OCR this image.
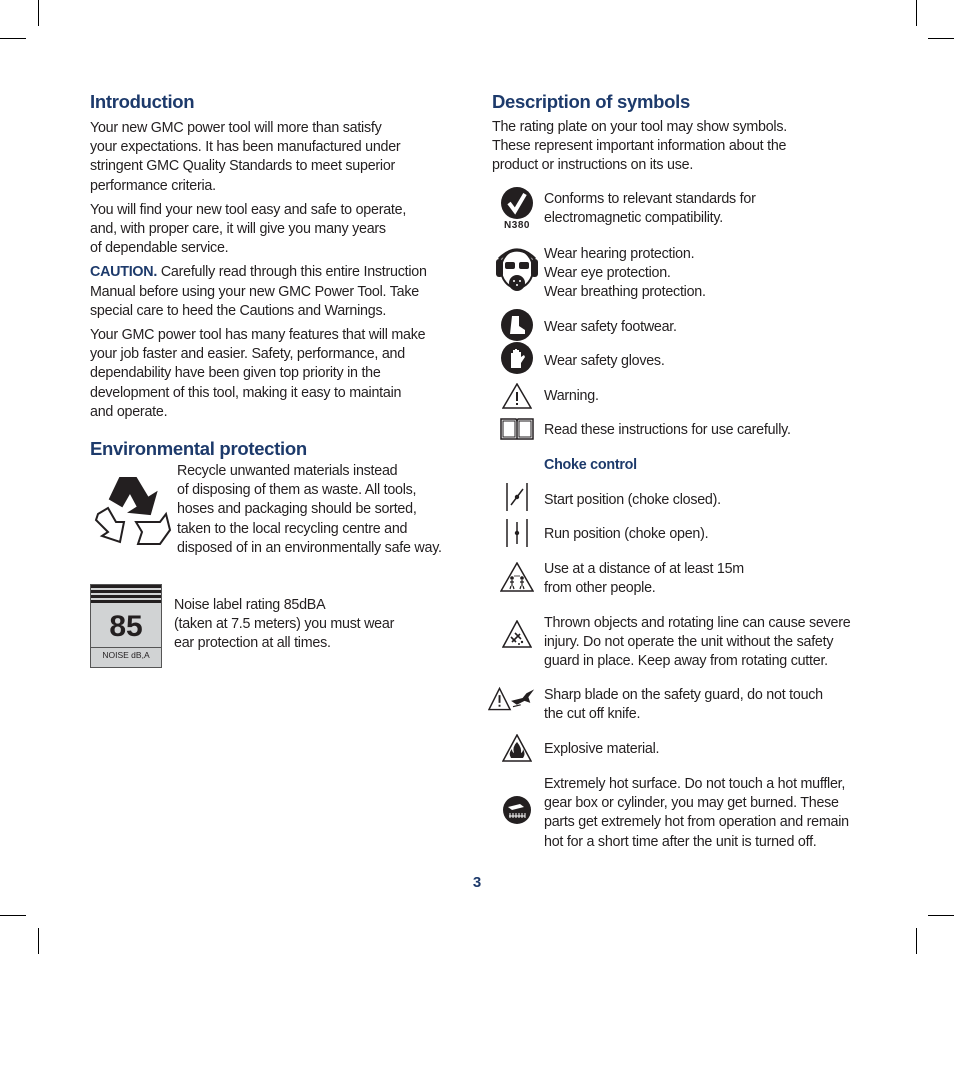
Introduction

Your new GMC power tool will more than satisfy
your expectations. It has been manufactured under
stringent GMC Quality Standards to meet superior
performance criteria.

You will find your new tool easy and safe to operate,
and, with proper care, it will give you many years
of dependable service.

CAUTION. Carefully read through this entire Instruction
Manual before using your new GMC Power Tool. Take
special care to heed the Cautions and Warnings.

Your GMC power tool has many features that will make
your job faster and easier. Safety, performance, and
dependability have been given top priority in the
development of this tool, making it easy to maintain
and operate.

Environmental protection

Recycle unwanted materials instead
of disposing of them as waste. All tools,
hoses and packaging should be sorted,
taken to the local recycling centre and
disposed of in an environmentally safe way.

85
NOISE dB,A

Noise label rating 85dBA
(taken at 7.5 meters) you must wear
ear protection at all times.

Description of symbols

The rating plate on your tool may show symbols.
These represent important information about the
product or instructions on its use.

N380
Conforms to relevant standards for
electromagnetic compatibility.
Wear hearing protection.
Wear eye protection.
Wear breathing protection.
Wear safety footwear.
Wear safety gloves.
Warning.
Read these instructions for use carefully.
Choke control
Start position (choke closed).
Run position (choke open).
Use at a distance of at least 15m
from other people.
Thrown objects and rotating line can cause severe
injury. Do not operate the unit without the safety
guard in place. Keep away from rotating cutter.
Sharp blade on the safety guard, do not touch
the cut off knife.
Explosive material.
Extremely hot surface. Do not touch a hot muffler,
gear box or cylinder, you may get burned. These
parts get extremely hot from operation and remain
hot for a short time after the unit is turned off.
3
